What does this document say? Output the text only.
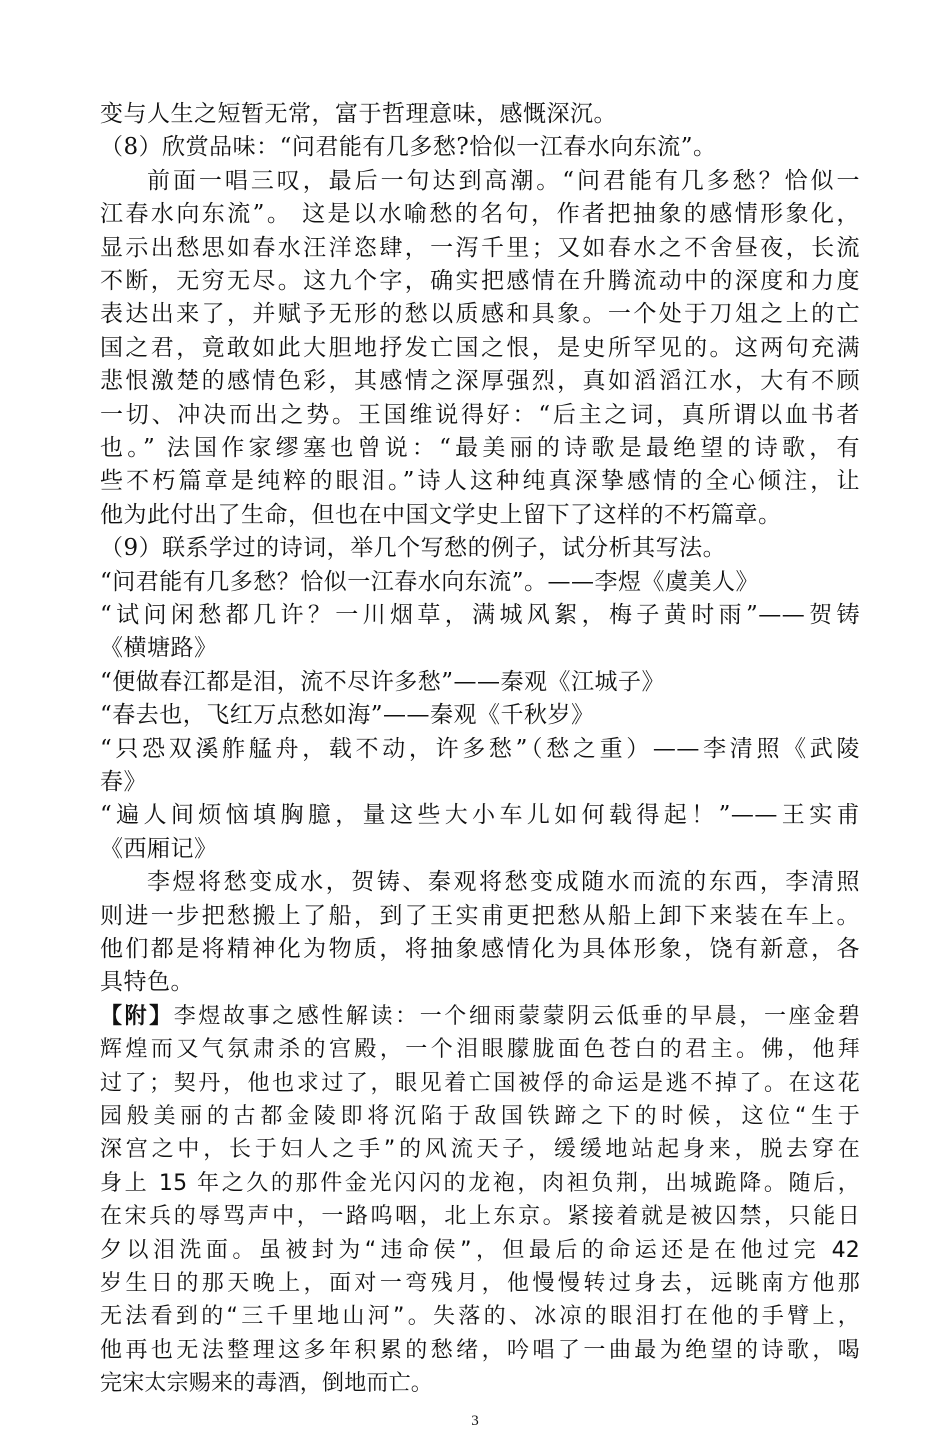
变与人生之短暂无常，富于哲理意味，感慨深沉。
（8）欣赏品味：“问君能有几多愁?恰似一江春水向东流”。
前面一唱三叹，最后一句达到高潮。“问君能有几多愁？恰似一
江春水向东流”。 这是以水喻愁的名句，作者把抽象的感情形象化，
显示出愁思如春水汪洋恣肆，一泻千里；又如春水之不舍昼夜，长流
不断，无穷无尽。这九个字，确实把感情在升腾流动中的深度和力度
表达出来了，并赋予无形的愁以质感和具象。一个处于刀俎之上的亡
国之君，竟敢如此大胆地抒发亡国之恨，是史所罕见的。这两句充满
悲恨激楚的感情色彩，其感情之深厚强烈，真如滔滔江水，大有不顾
一切、冲决而出之势。王国维说得好：“后主之词，真所谓以血书者
也。” 法国作家缪塞也曾说：“最美丽的诗歌是最绝望的诗歌，有
些不朽篇章是纯粹的眼泪。”诗人这种纯真深挚感情的全心倾注，让
他为此付出了生命，但也在中国文学史上留下了这样的不朽篇章。
（9）联系学过的诗词，举几个写愁的例子，试分析其写法。
“问君能有几多愁？恰似一江春水向东流”。——李煜《虞美人》
“试问闲愁都几许？一川烟草，满城风絮，梅子黄时雨”——贺铸
《横塘路》
“便做春江都是泪，流不尽许多愁”——秦观《江城子》
“春去也，飞红万点愁如海”——秦观《千秋岁》
“只恐双溪舴艋舟，载不动，许多愁”（愁之重）——李清照《武陵
春》
“遍人间烦恼填胸臆，量这些大小车儿如何载得起！”——王实甫
《西厢记》
李煜将愁变成水，贺铸、秦观将愁变成随水而流的东西，李清照
则进一步把愁搬上了船，到了王实甫更把愁从船上卸下来装在车上。
他们都是将精神化为物质，将抽象感情化为具体形象，饶有新意，各
具特色。
【附】李煜故事之感性解读：一个细雨蒙蒙阴云低垂的早晨，一座金碧
辉煌而又气氛肃杀的宫殿，一个泪眼朦胧面色苍白的君主。佛，他拜
过了；契丹，他也求过了，眼见着亡国被俘的命运是逃不掉了。在这花
园般美丽的古都金陵即将沉陷于敌国铁蹄之下的时候，这位“生于
深宫之中，长于妇人之手”的风流天子，缓缓地站起身来，脱去穿在
身上 15 年之久的那件金光闪闪的龙袍，肉袒负荆，出城跪降。随后，
在宋兵的辱骂声中，一路呜咽，北上东京。紧接着就是被囚禁，只能日
夕以泪洗面。虽被封为“违命侯”，但最后的命运还是在他过完 42
岁生日的那天晚上，面对一弯残月，他慢慢转过身去，远眺南方他那
无法看到的“三千里地山河”。失落的、冰凉的眼泪打在他的手臂上，
他再也无法整理这多年积累的愁绪，吟唱了一曲最为绝望的诗歌，喝
完宋太宗赐来的毒酒，倒地而亡。
3
